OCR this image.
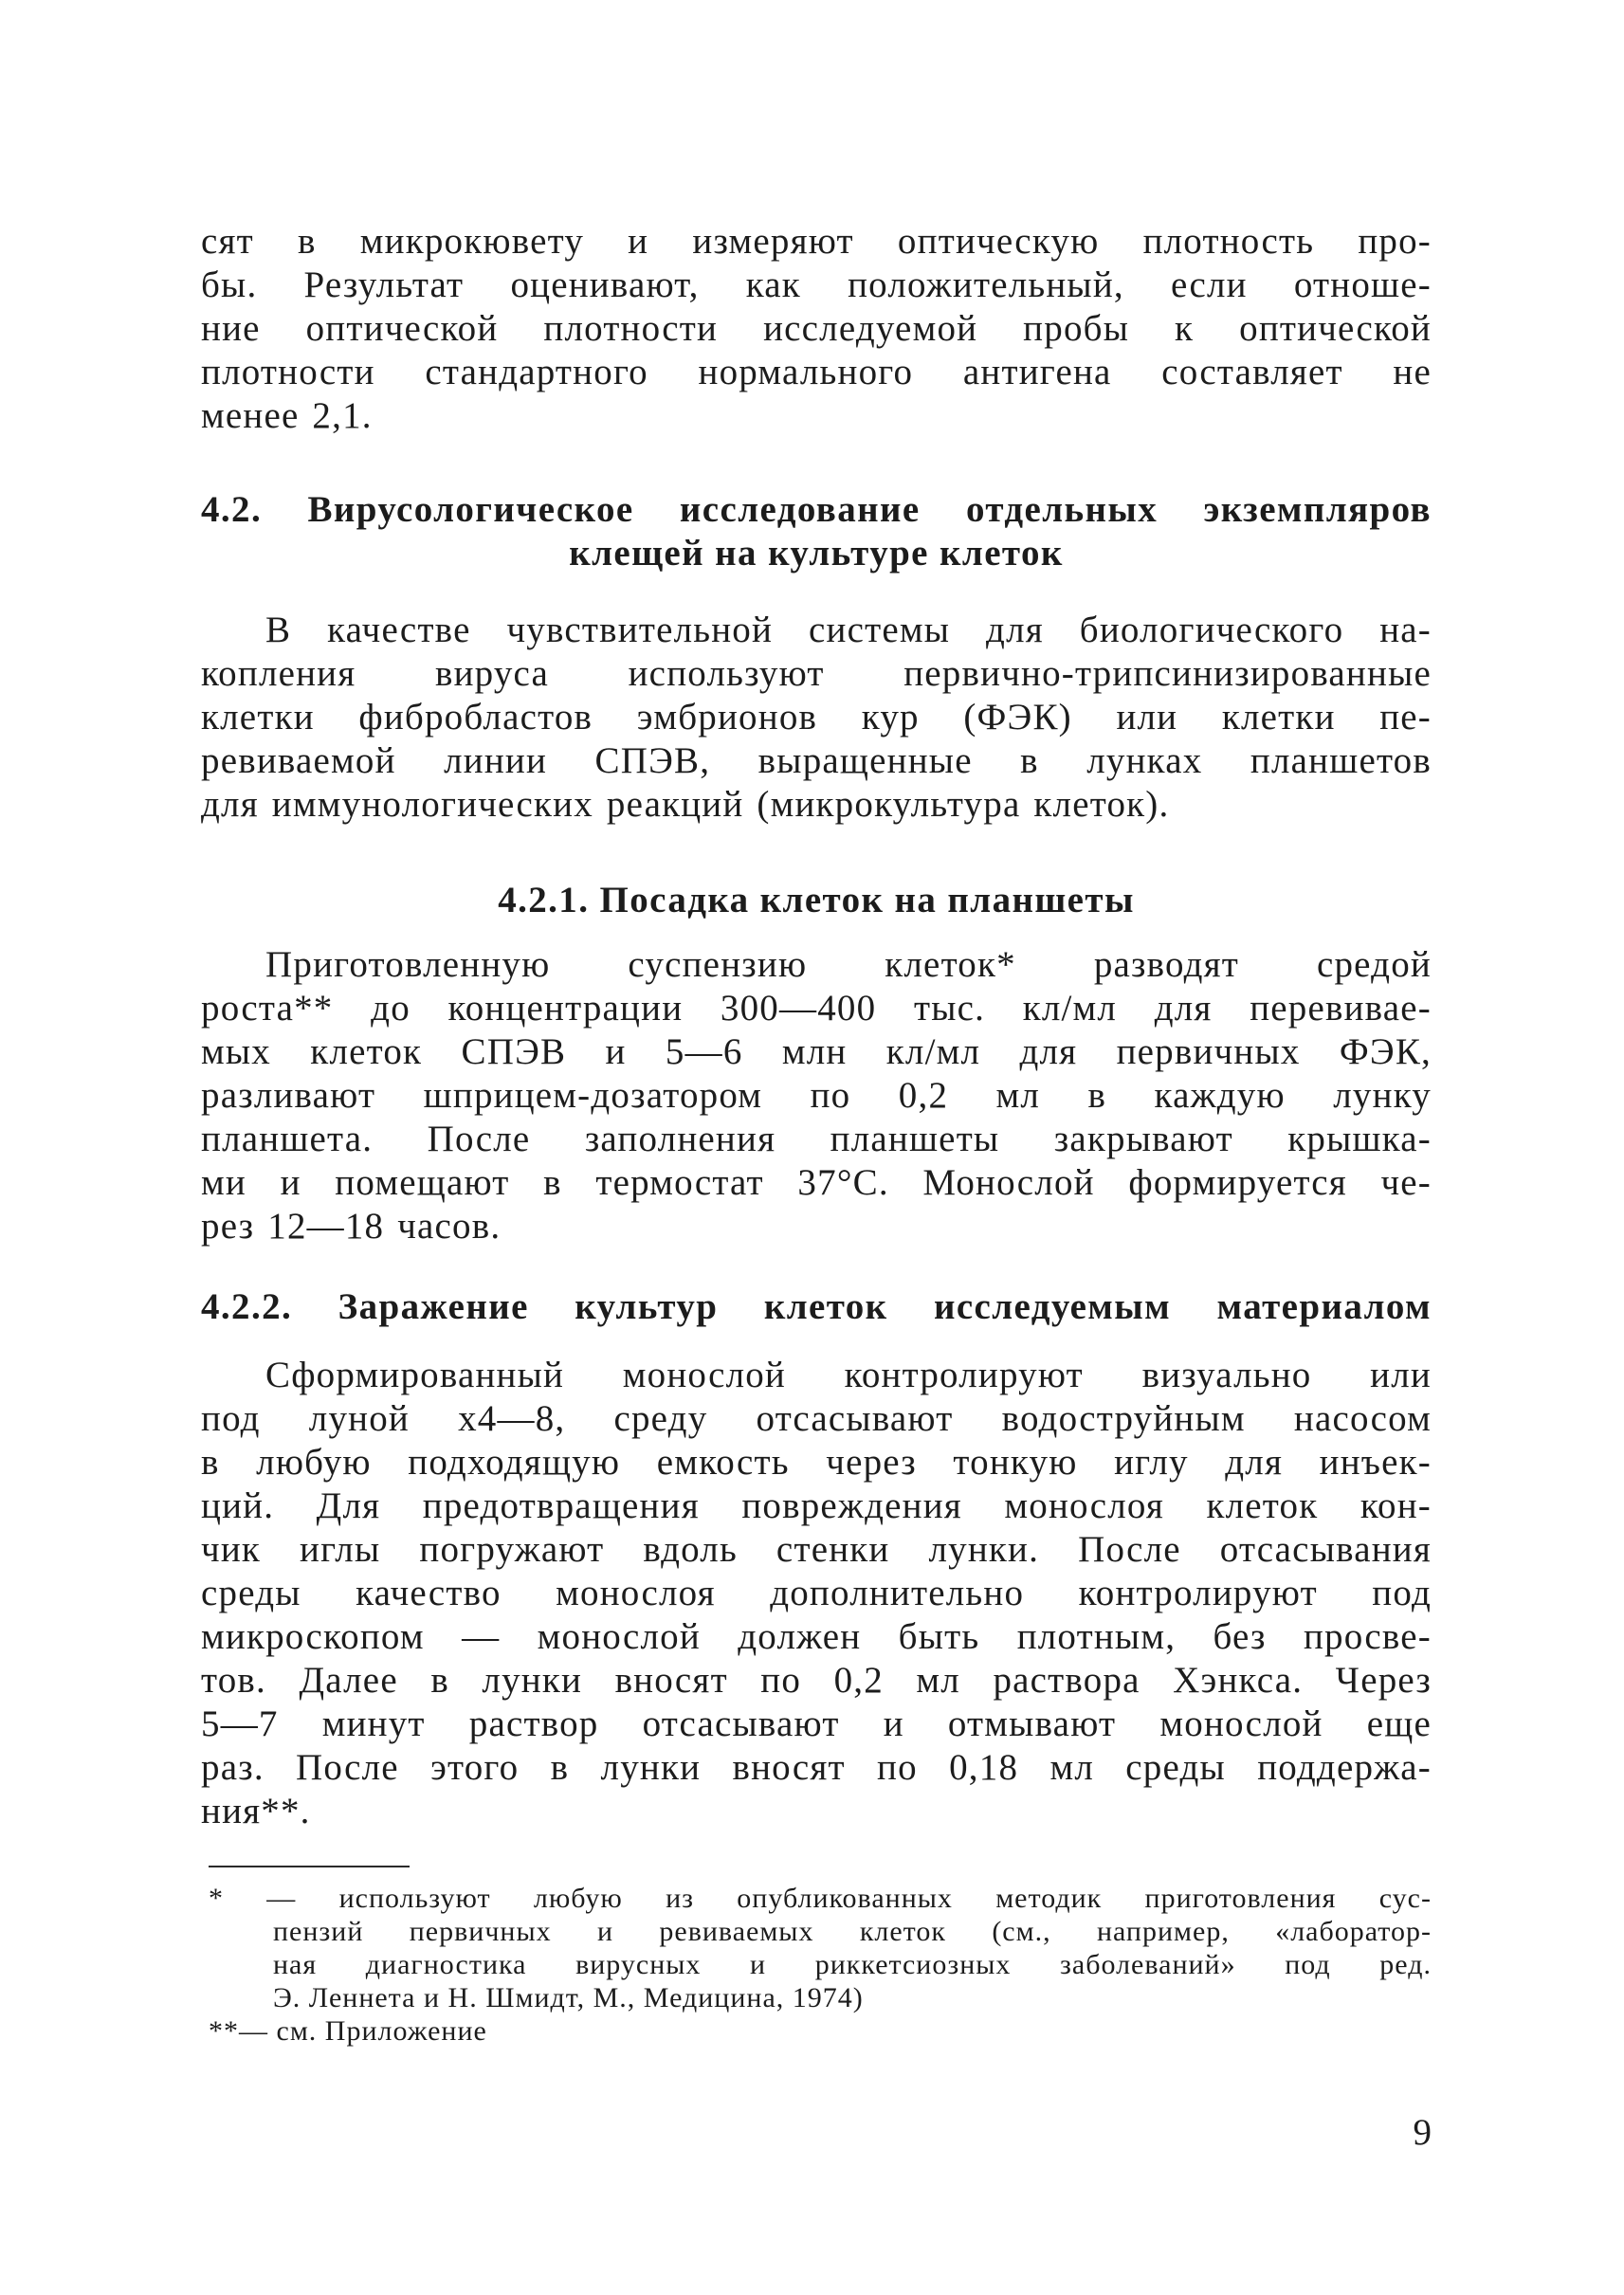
сят в микрокювету и измеряют оптическую плотность про-
бы. Результат оценивают, как положительный, если отноше-
ние оптической плотности исследуемой пробы к оптической
плотности стандартного нормального антигена составляет не
менее 2,1.
4.2. Вирусологическое исследование отдельных экземпляров
клещей на культуре клеток
В качестве чувствительной системы для биологического на-
копления вируса используют первично-трипсинизированные
клетки фибробластов эмбрионов кур (ФЭК) или клетки пе-
ревиваемой линии СПЭВ, выращенные в лунках планшетов
для иммунологических реакций (микрокультура клеток).
4.2.1. Посадка клеток на планшеты
Приготовленную суспензию клеток* разводят средой
роста** до концентрации 300—400 тыс. кл/мл для перевивае-
мых клеток СПЭВ и 5—6 млн кл/мл для первичных ФЭК,
разливают шприцем-дозатором по 0,2 мл в каждую лунку
планшета. После заполнения планшеты закрывают крышка-
ми и помещают в термостат 37°С. Монослой формируется че-
рез 12—18 часов.
4.2.2. Заражение культур клеток исследуемым материалом
Сформированный монослой контролируют визуально или
под луной x4—8, среду отсасывают водоструйным насосом
в любую подходящую емкость через тонкую иглу для инъек-
ций. Для предотвращения повреждения монослоя клеток кон-
чик иглы погружают вдоль стенки лунки. После отсасывания
среды качество монослоя дополнительно контролируют под
микроскопом — монослой должен быть плотным, без просве-
тов. Далее в лунки вносят по 0,2 мл раствора Хэнкса. Через
5—7 минут раствор отсасывают и отмывают монослой еще
раз. После этого в лунки вносят по 0,18 мл среды поддержа-
ния**.
* — используют любую из опубликованных методик приготовления сус-
пензий первичных и ревиваемых клеток (см., например, «лаборатор-
ная диагностика вирусных и риккетсиозных заболеваний» под ред.
Э. Леннета и Н. Шмидт, М., Медицина, 1974)
**— см. Приложение
9
